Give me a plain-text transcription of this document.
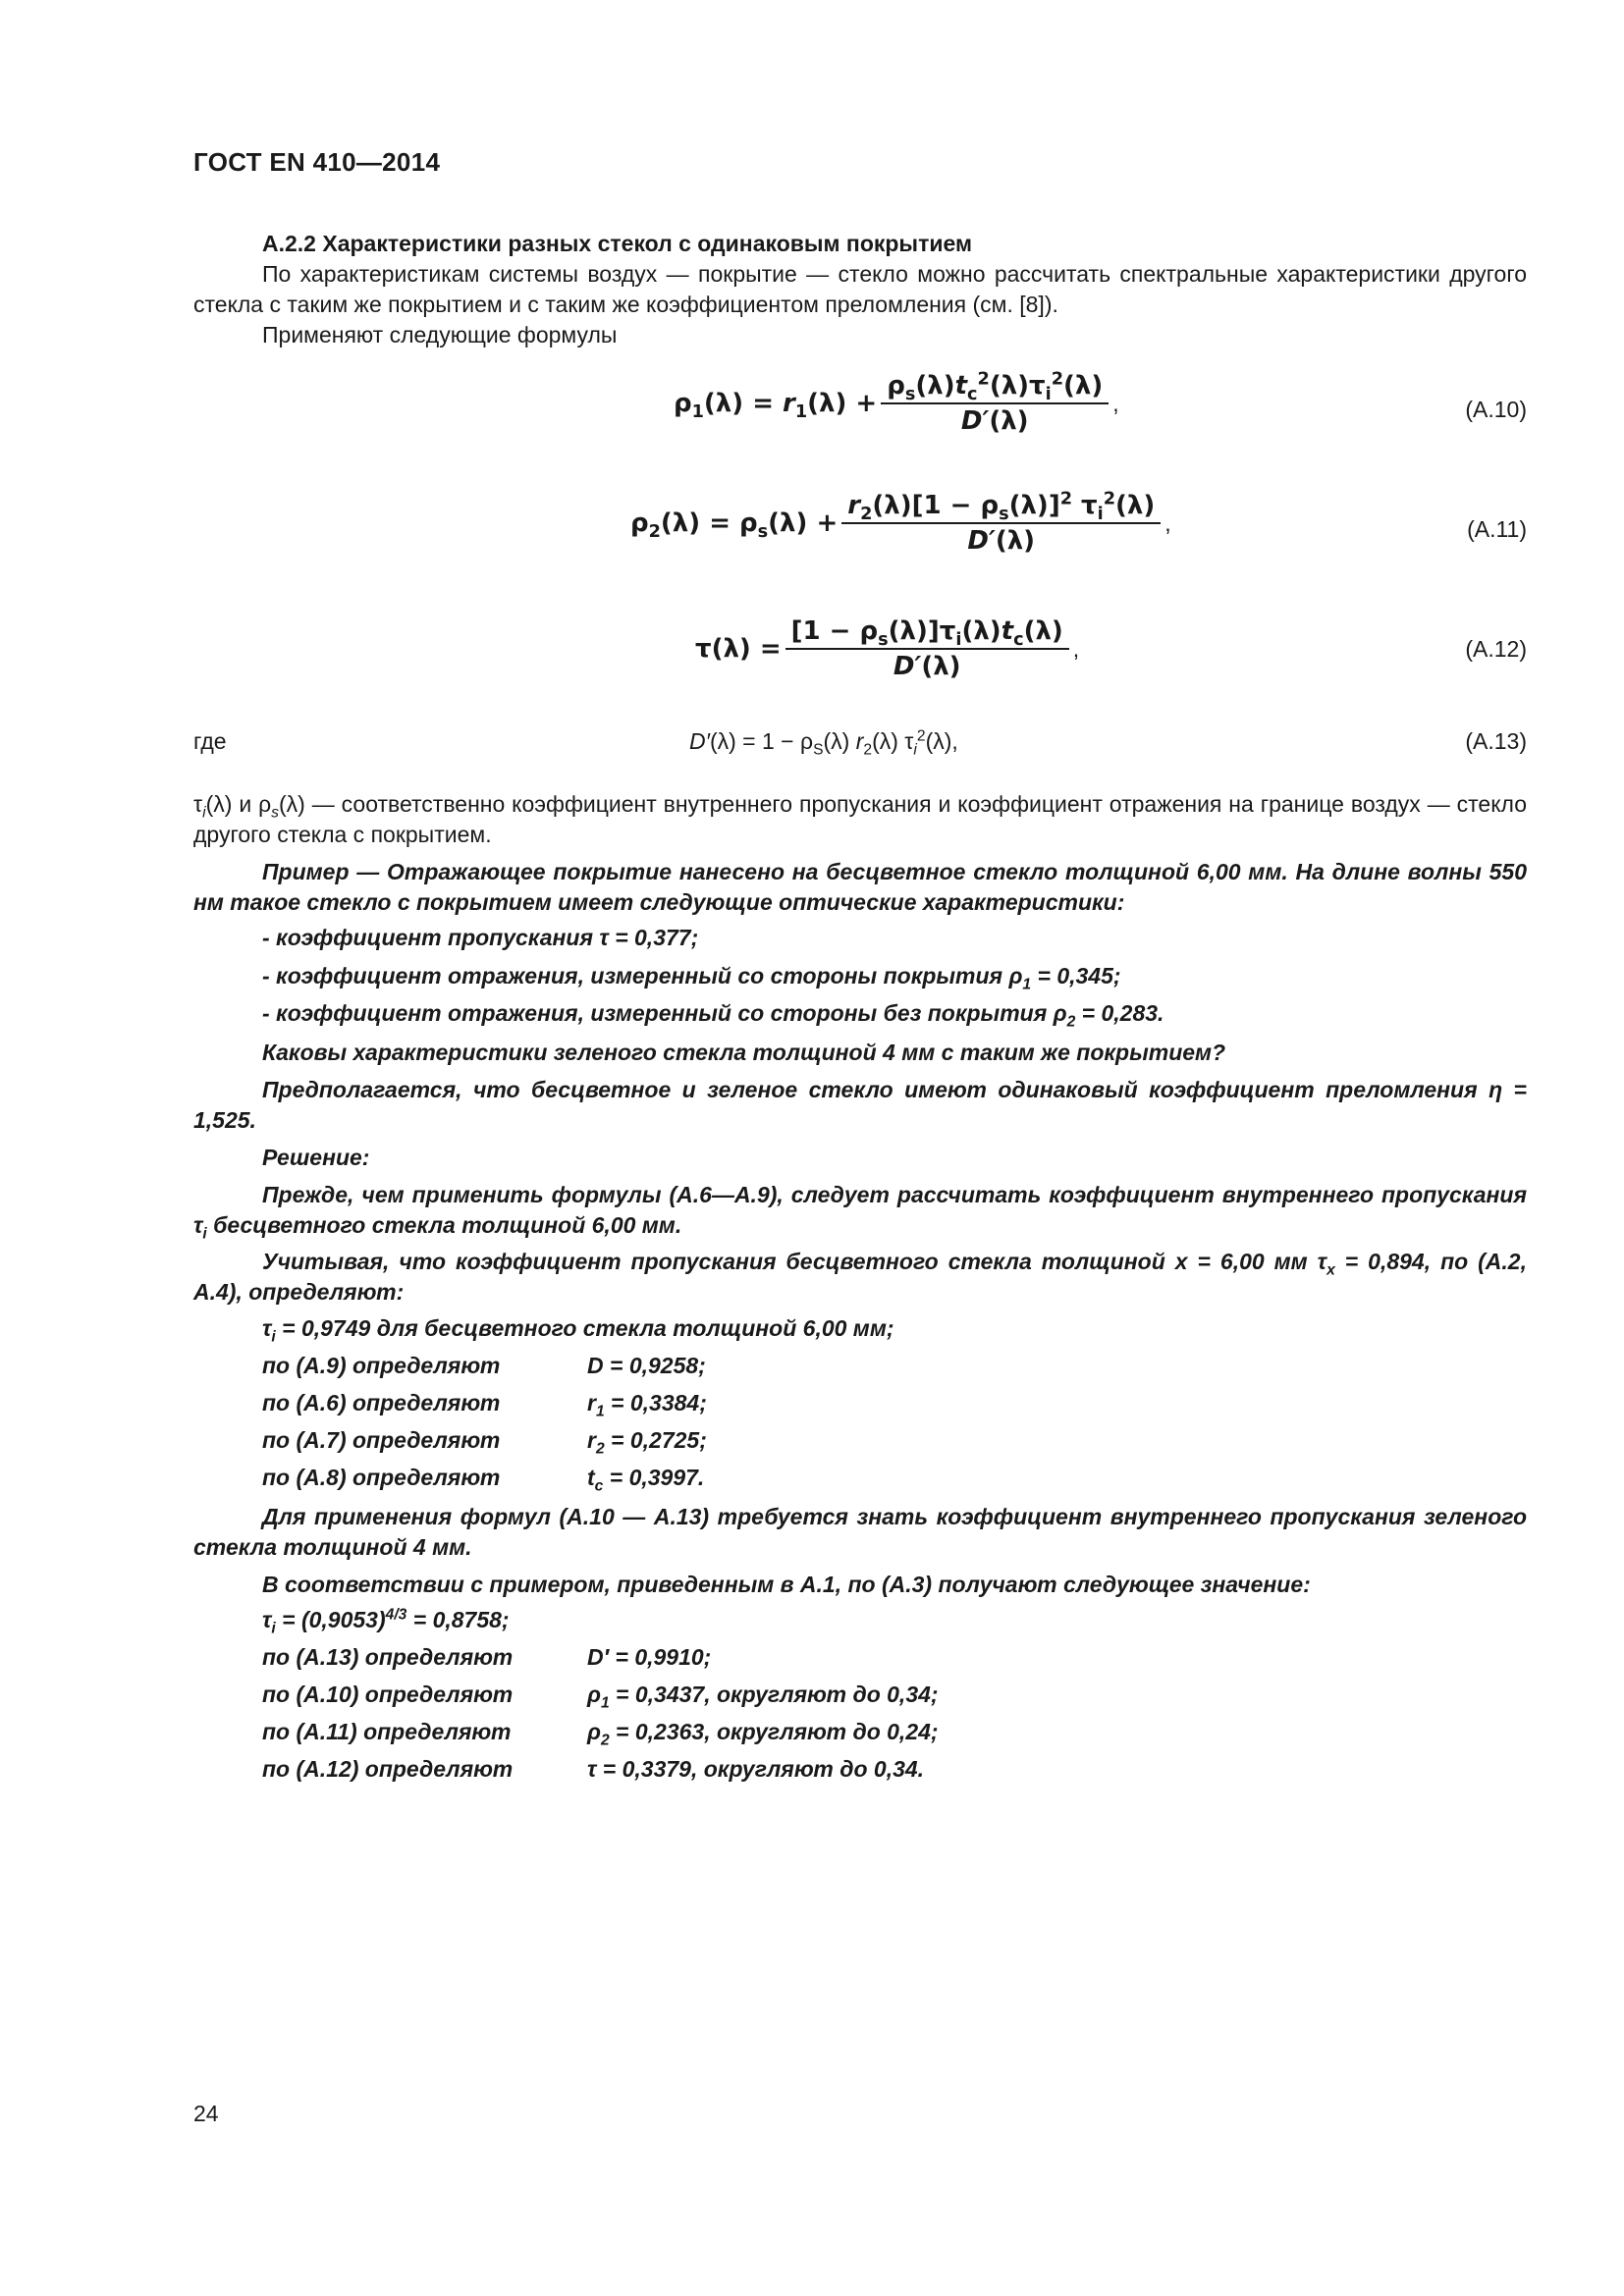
ГОСТ EN 410—2014
А.2.2 Характеристики разных стекол с одинаковым покрытием
По характеристикам системы воздух — покрытие — стекло можно рассчитать спектральные характеристики другого стекла с таким же покрытием и с таким же коэффициентом преломления (см. [8]).
Применяют следующие формулы
$\rho_1(\lambda) = r_1(\lambda) + \frac{\rho_s(\lambda)t_c^2(\lambda)\tau_i^2(\lambda)}{D'(\lambda)}$ ,	(А.10)
$\rho_2(\lambda) = \rho_s(\lambda) + \frac{r_2(\lambda)[1 - \rho_s(\lambda)]^2 \tau_i^2(\lambda)}{D'(\lambda)}$ ,	(А.11)
$\tau(\lambda) = \frac{[1 - \rho_s(\lambda)]\tau_i(\lambda)t_c(\lambda)}{D'(\lambda)}$ ,	(А.12)
где	$D'(\lambda) = 1 - \rho_S(\lambda)$ $r_2(\lambda)$ $\tau_i^2(\lambda)$,	(А.13)
$\tau_i(\lambda)$ и $\rho_s(\lambda)$ — соответственно коэффициент внутреннего пропускания и коэффициент отражения на границе воздух — стекло другого стекла с покрытием.
Пример — Отражающее покрытие нанесено на бесцветное стекло толщиной 6,00 мм. На длине волны 550 нм такое стекло с покрытием имеет следующие оптические характеристики:
- коэффициент пропускания τ = 0,377;
- коэффициент отражения, измеренный со стороны покрытия $\rho_1 = 0,345$;
- коэффициент отражения, измеренный со стороны без покрытия $\rho_2 = 0,283$.
Каковы характеристики зеленого стекла толщиной 4 мм с таким же покрытием?
Предполагается, что бесцветное и зеленое стекло имеют одинаковый коэффициент преломления η = 1,525.
Решение:
Прежде, чем применить формулы (А.6—А.9), следует рассчитать коэффициент внутреннего пропускания $\tau_i$ бесцветного стекла толщиной 6,00 мм.
Учитывая, что коэффициент пропускания бесцветного стекла толщиной x = 6,00 мм $\tau_x = 0,894$, по (А.2, А.4), определяют:
$\tau_i = 0,9749$ для бесцветного стекла толщиной 6,00 мм;
по (А.9) определяют	D = 0,9258;
по (А.6) определяют	$r_1 = 0,3384$;
по (А.7) определяют	$r_2 = 0,2725$;
по (А.8) определяют	$t_c = 0,3997$.
Для применения формул (А.10 — А.13) требуется знать коэффициент внутреннего пропускания зеленого стекла толщиной 4 мм.
В соответствии с примером, приведенным в А.1, по (А.3) получают следующее значение:
$\tau_i = (0,9053)^{4/3} = 0,8758$;
по (А.13) определяют	D′ = 0,9910;
по (А.10) определяют	$\rho_1 = 0,3437$, округляют до 0,34;
по (А.11) определяют	$\rho_2 = 0,2363$, округляют до 0,24;
по (А.12) определяют	τ = 0,3379, округляют до 0,34.
24
